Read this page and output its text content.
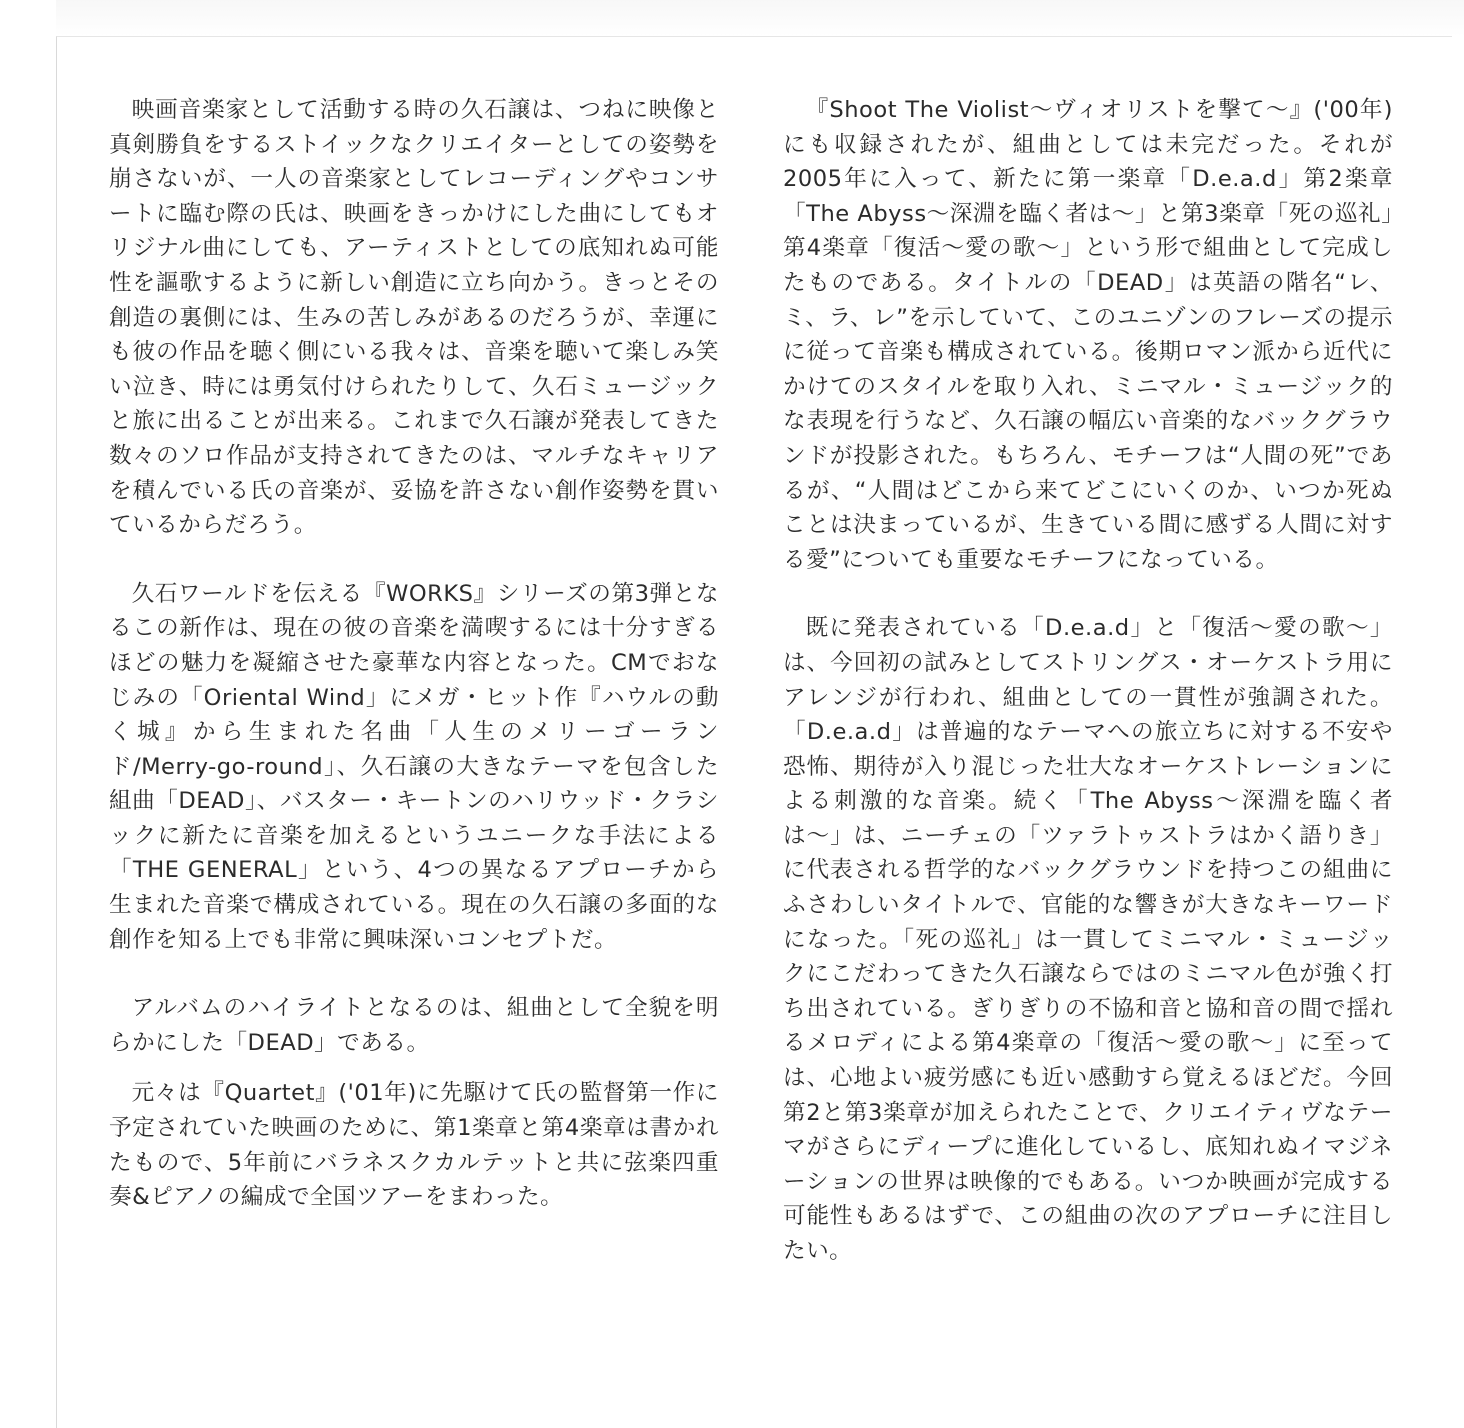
映画音楽家として活動する時の久石譲は、つねに映像と真剣勝負をするストイックなクリエイターとしての姿勢を崩さないが、一人の音楽家としてレコーディングやコンサートに臨む際の氏は、映画をきっかけにした曲にしてもオリジナル曲にしても、アーティストとしての底知れぬ可能性を謳歌するように新しい創造に立ち向かう。きっとその創造の裏側には、生みの苦しみがあるのだろうが、幸運にも彼の作品を聴く側にいる我々は、音楽を聴いて楽しみ笑い泣き、時には勇気付けられたりして、久石ミュージックと旅に出ることが出来る。これまで久石譲が発表してきた数々のソロ作品が支持されてきたのは、マルチなキャリアを積んでいる氏の音楽が、妥協を許さない創作姿勢を貫いているからだろう。

久石ワールドを伝える『WORKS』シリーズの第3弾となるこの新作は、現在の彼の音楽を満喫するには十分すぎるほどの魅力を凝縮させた豪華な内容となった。CMでおなじみの「Oriental Wind」にメガ・ヒット作『ハウルの動く城』から生まれた名曲「人生のメリーゴーランド/Merry-go-round」、久石譲の大きなテーマを包含した組曲「DEAD」、バスター・キートンのハリウッド・クラシックに新たに音楽を加えるというユニークな手法による「THE GENERAL」という、4つの異なるアプローチから生まれた音楽で構成されている。現在の久石譲の多面的な創作を知る上でも非常に興味深いコンセプトだ。

アルバムのハイライトとなるのは、組曲として全貌を明らかにした「DEAD」である。

元々は『Quartet』('01年)に先駆けて氏の監督第一作に予定されていた映画のために、第1楽章と第4楽章は書かれたもので、5年前にバラネスクカルテットと共に弦楽四重奏&ピアノの編成で全国ツアーをまわった。

『Shoot The Violist〜ヴィオリストを撃て〜』('00年)にも収録されたが、組曲としては未完だった。それが2005年に入って、新たに第一楽章「D.e.a.d」第2楽章「The Abyss〜深淵を臨く者は〜」と第3楽章「死の巡礼」第4楽章「復活〜愛の歌〜」という形で組曲として完成したものである。タイトルの「DEAD」は英語の階名“レ、ミ、ラ、レ”を示していて、このユニゾンのフレーズの提示に従って音楽も構成されている。後期ロマン派から近代にかけてのスタイルを取り入れ、ミニマル・ミュージック的な表現を行うなど、久石譲の幅広い音楽的なバックグラウンドが投影された。もちろん、モチーフは“人間の死”であるが、“人間はどこから来てどこにいくのか、いつか死ぬことは決まっているが、生きている間に感ずる人間に対する愛”についても重要なモチーフになっている。

既に発表されている「D.e.a.d」と「復活〜愛の歌〜」は、今回初の試みとしてストリングス・オーケストラ用にアレンジが行われ、組曲としての一貫性が強調された。「D.e.a.d」は普遍的なテーマへの旅立ちに対する不安や恐怖、期待が入り混じった壮大なオーケストレーションによる刺激的な音楽。続く「The Abyss〜深淵を臨く者は〜」は、ニーチェの「ツァラトゥストラはかく語りき」に代表される哲学的なバックグラウンドを持つこの組曲にふさわしいタイトルで、官能的な響きが大きなキーワードになった。「死の巡礼」は一貫してミニマル・ミュージックにこだわってきた久石譲ならではのミニマル色が強く打ち出されている。ぎりぎりの不協和音と協和音の間で揺れるメロディによる第4楽章の「復活〜愛の歌〜」に至っては、心地よい疲労感にも近い感動すら覚えるほどだ。今回第2と第3楽章が加えられたことで、クリエイティヴなテーマがさらにディープに進化しているし、底知れぬイマジネーションの世界は映像的でもある。いつか映画が完成する可能性もあるはずで、この組曲の次のアプローチに注目したい。
